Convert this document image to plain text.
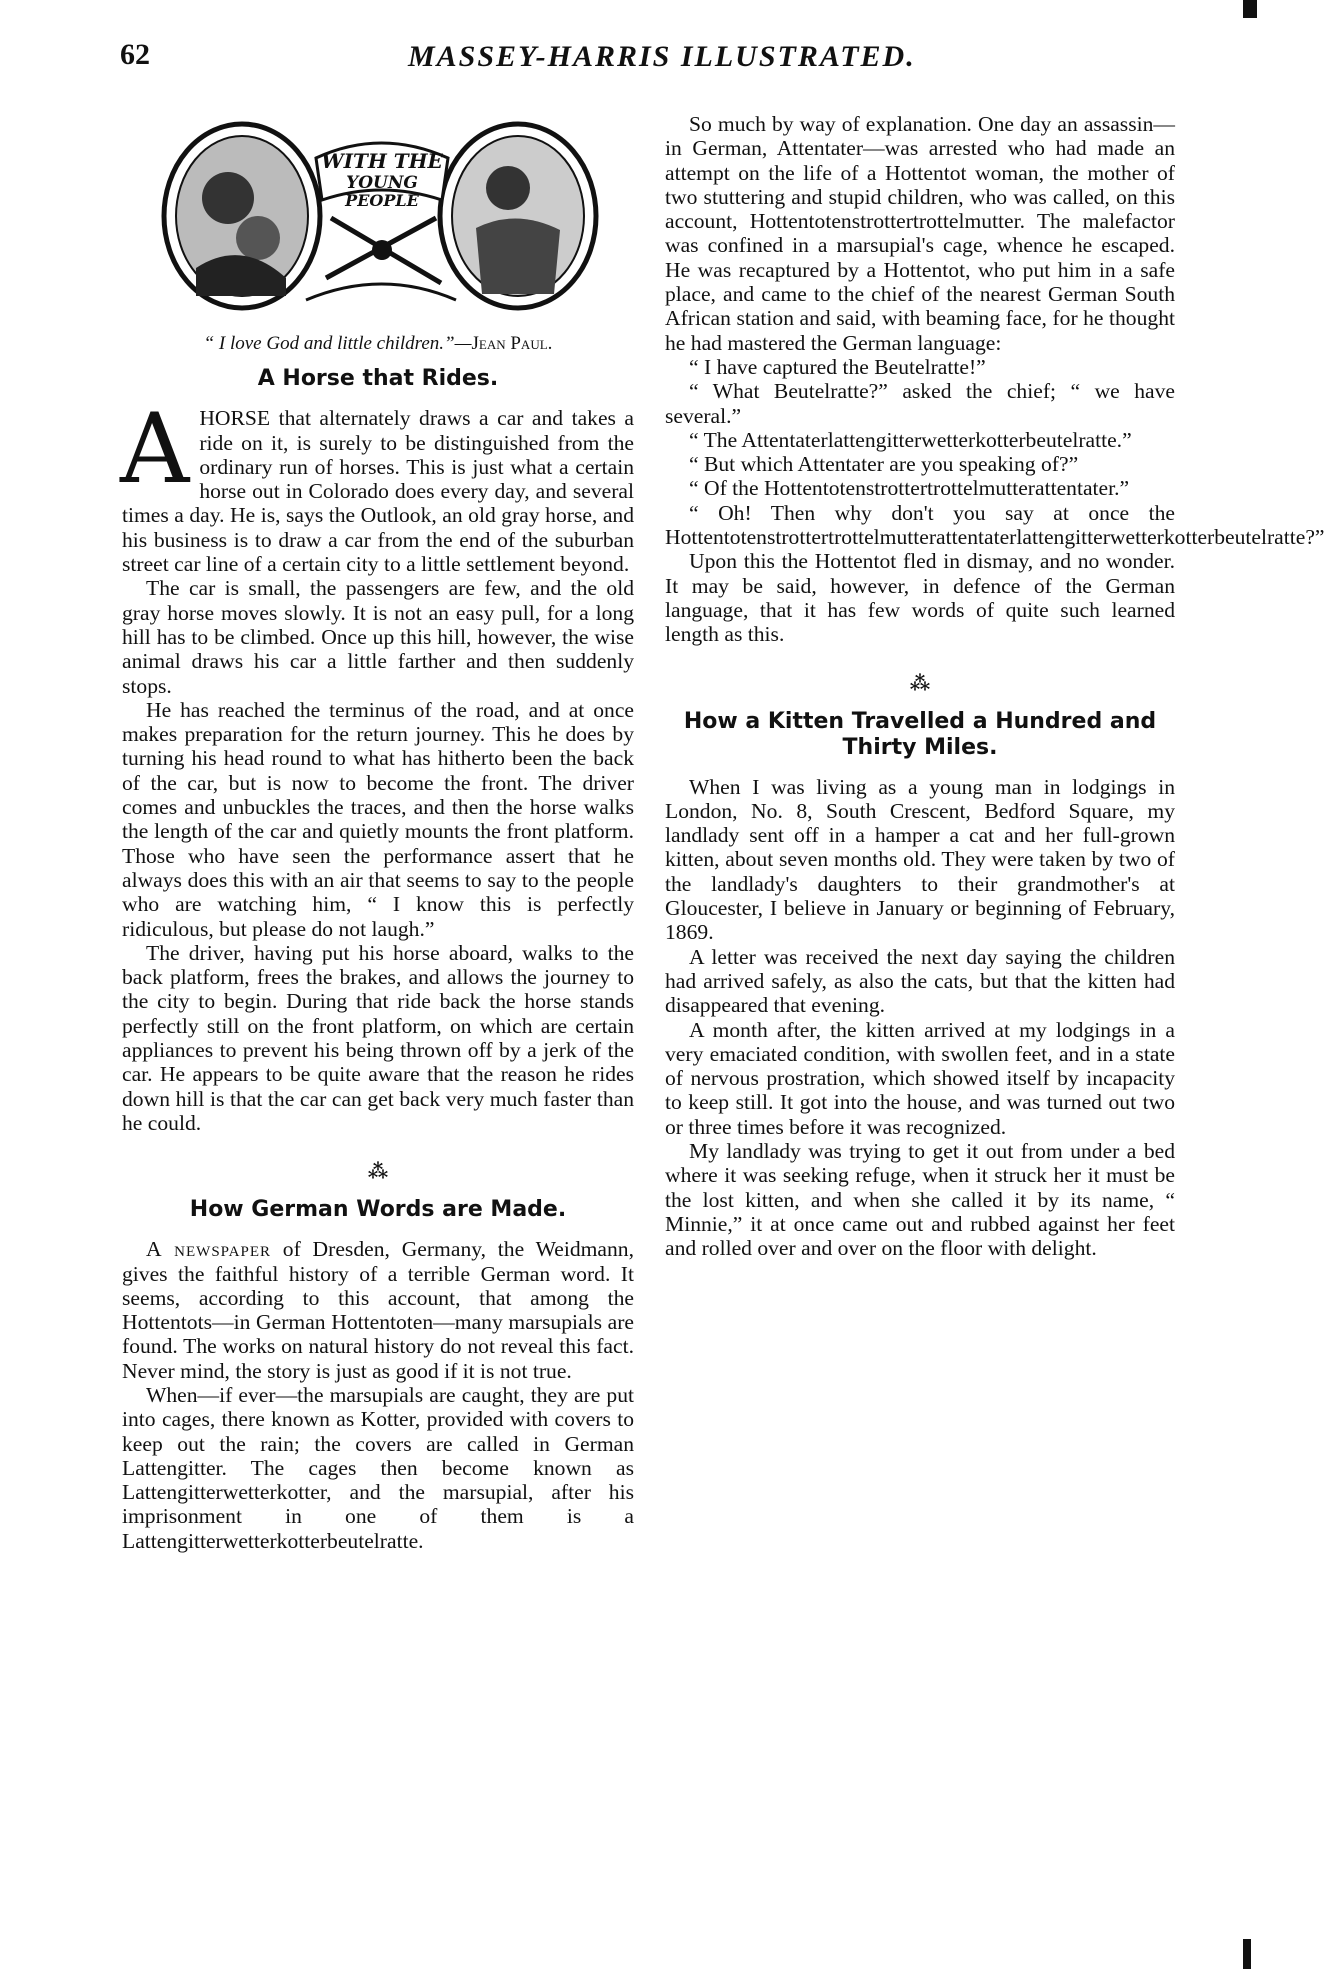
62	MASSEY-HARRIS ILLUSTRATED.
WITH THE
YOUNG
PEOPLE
“ I love God and little children.”—Jean Paul.
A Horse that Rides.

AHORSE that alternately draws a car and takes a ride on it, is surely to be distinguished from the ordinary run of horses. This is just what a certain horse out in Colorado does every day, and several times a day. He is, says the Outlook, an old gray horse, and his business is to draw a car from the end of the suburban street car line of a certain city to a little settlement beyond.

The car is small, the passengers are few, and the old gray horse moves slowly. It is not an easy pull, for a long hill has to be climbed. Once up this hill, however, the wise animal draws his car a little farther and then suddenly stops.

He has reached the terminus of the road, and at once makes preparation for the return journey. This he does by turning his head round to what has hitherto been the back of the car, but is now to become the front. The driver comes and unbuckles the traces, and then the horse walks the length of the car and quietly mounts the front platform. Those who have seen the performance assert that he always does this with an air that seems to say to the people who are watching him, “ I know this is perfectly ridiculous, but please do not laugh.”

The driver, having put his horse aboard, walks to the back platform, frees the brakes, and allows the journey to the city to begin. During that ride back the horse stands perfectly still on the front platform, on which are certain appliances to prevent his being thrown off by a jerk of the car. He appears to be quite aware that the reason he rides down hill is that the car can get back very much faster than he could.

⁂
How German Words are Made.

A newspaper of Dresden, Germany, the Weidmann, gives the faithful history of a terrible German word. It seems, according to this account, that among the Hottentots—in German Hottentoten—many marsupials are found. The works on natural history do not reveal this fact. Never mind, the story is just as good if it is not true.

When—if ever—the marsupials are caught, they are put into cages, there known as Kotter, provided with covers to keep out the rain; the covers are called in German Lattengitter. The cages then become known as Lattengitterwetterkotter, and the marsupial, after his imprisonment in one of them is a Lattengitterwetterkotterbeutelratte.

So much by way of explanation. One day an assassin—in German, Attentater—was arrested who had made an attempt on the life of a Hottentot woman, the mother of two stuttering and stupid children, who was called, on this account, Hottentotenstrottertrottelmutter. The malefactor was confined in a marsupial's cage, whence he escaped. He was recaptured by a Hottentot, who put him in a safe place, and came to the chief of the nearest German South African station and said, with beaming face, for he thought he had mastered the German language:

“ I have captured the Beutelratte!”

“ What Beutelratte?” asked the chief; “ we have several.”

“ The Attentaterlattengitterwetterkotterbeutelratte.”

“ But which Attentater are you speaking of?”

“ Of the Hottentotenstrottertrottelmutterattentater.”

“ Oh! Then why don't you say at once the Hottentotenstrottertrottelmutterattentaterlattengitterwetterkotterbeutelratte?”

Upon this the Hottentot fled in dismay, and no wonder. It may be said, however, in defence of the German language, that it has few words of quite such learned length as this.

⁂
How a Kitten Travelled a Hundred and Thirty Miles.

When I was living as a young man in lodgings in London, No. 8, South Crescent, Bedford Square, my landlady sent off in a hamper a cat and her full-grown kitten, about seven months old. They were taken by two of the landlady's daughters to their grandmother's at Gloucester, I believe in January or beginning of February, 1869.

A letter was received the next day saying the children had arrived safely, as also the cats, but that the kitten had disappeared that evening.

A month after, the kitten arrived at my lodgings in a very emaciated condition, with swollen feet, and in a state of nervous prostration, which showed itself by incapacity to keep still. It got into the house, and was turned out two or three times before it was recognized.

My landlady was trying to get it out from under a bed where it was seeking refuge, when it struck her it must be the lost kitten, and when she called it by its name, “ Minnie,” it at once came out and rubbed against her feet and rolled over and over on the floor with delight.
